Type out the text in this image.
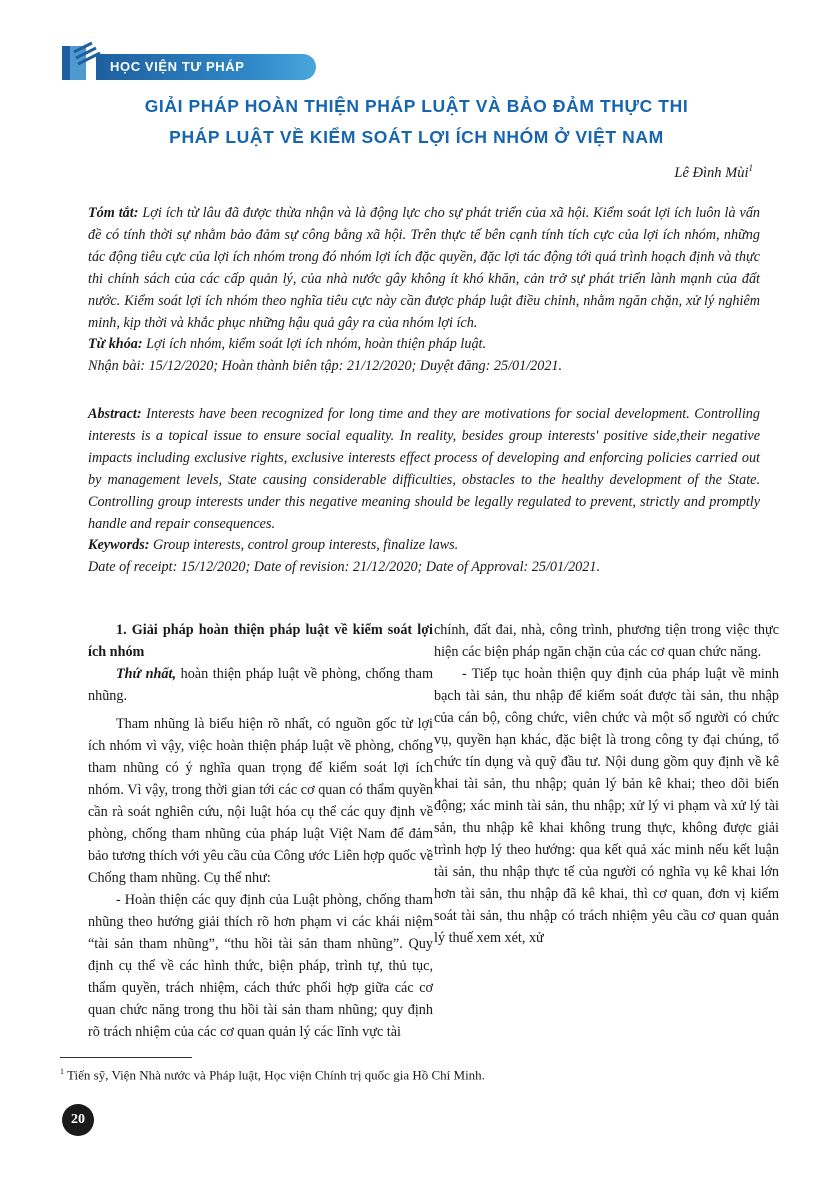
HỌC VIỆN TƯ PHÁP
GIẢI PHÁP HOÀN THIỆN PHÁP LUẬT VÀ BẢO ĐẢM THỰC THI
PHÁP LUẬT VỀ KIỂM SOÁT LỢI ÍCH NHÓM Ở VIỆT NAM
Lê Đình Mùi$^1$
Tóm tắt: Lợi ích từ lâu đã được thừa nhận và là động lực cho sự phát triển của xã hội. Kiểm soát lợi ích luôn là vấn đề có tính thời sự nhằm bảo đảm sự công bằng xã hội. Trên thực tế bên cạnh tính tích cực của lợi ích nhóm, những tác động tiêu cực của lợi ích nhóm trong đó nhóm lợi ích đặc quyền, đặc lợi tác động tới quá trình hoạch định và thực thi chính sách của các cấp quản lý, của nhà nước gây không ít khó khăn, cản trở sự phát triển lành mạnh của đất nước. Kiểm soát lợi ích nhóm theo nghĩa tiêu cực này cần được pháp luật điều chỉnh, nhằm ngăn chặn, xử lý nghiêm minh, kịp thời và khắc phục những hậu quả gây ra của nhóm lợi ích.
Từ khóa: Lợi ích nhóm, kiểm soát lợi ích nhóm, hoàn thiện pháp luật.
Nhận bài: 15/12/2020; Hoàn thành biên tập: 21/12/2020; Duyệt đăng: 25/01/2021.
Abstract: Interests have been recognized for long time and they are motivations for social development. Controlling interests is a topical issue to ensure social equality. In reality, besides group interests' positive side,their negative impacts including exclusive rights, exclusive interests effect process of developing and enforcing policies carried out by management levels, State causing considerable difficulties, obstacles to the healthy development of the State. Controlling group interests under this negative meaning should be legally regulated to prevent, strictly and promptly handle and repair consequences.
Keywords: Group interests, control group interests, finalize laws.
Date of receipt: 15/12/2020; Date of revision: 21/12/2020; Date of Approval: 25/01/2021.
1. Giải pháp hoàn thiện pháp luật về kiểm soát lợi ích nhóm

Thứ nhất, hoàn thiện pháp luật về phòng, chống tham nhũng.

Tham nhũng là biểu hiện rõ nhất, có nguồn gốc từ lợi ích nhóm vì vậy, việc hoàn thiện pháp luật về phòng, chống tham nhũng có ý nghĩa quan trọng để kiểm soát lợi ích nhóm. Vì vậy, trong thời gian tới các cơ quan có thẩm quyền cần rà soát nghiên cứu, nội luật hóa cụ thể các quy định về phòng, chống tham nhũng của pháp luật Việt Nam để đảm bảo tương thích với yêu cầu của Công ước Liên hợp quốc về Chống tham nhũng. Cụ thể như:

- Hoàn thiện các quy định của Luật phòng, chống tham nhũng theo hướng giải thích rõ hơn phạm vi các khái niệm “tài sản tham nhũng”, “thu hồi tài sản tham nhũng”. Quy định cụ thể về các hình thức, biện pháp, trình tự, thủ tục, thẩm quyền, trách nhiệm, cách thức phối hợp giữa các cơ quan chức năng trong thu hồi tài sản tham nhũng; quy định rõ trách nhiệm của các cơ quan quản lý các lĩnh vực tài

chính, đất đai, nhà, công trình, phương tiện trong việc thực hiện các biện pháp ngăn chặn của các cơ quan chức năng.

- Tiếp tục hoàn thiện quy định của pháp luật về minh bạch tài sản, thu nhập để kiểm soát được tài sản, thu nhập của cán bộ, công chức, viên chức và một số người có chức vụ, quyền hạn khác, đặc biệt là trong công ty đại chúng, tổ chức tín dụng và quỹ đầu tư. Nội dung gồm quy định về kê khai tài sản, thu nhập; quản lý bản kê khai; theo dõi biến động; xác minh tài sản, thu nhập; xử lý vi phạm và xử lý tài sản, thu nhập kê khai không trung thực, không được giải trình hợp lý theo hướng: qua kết quả xác minh nếu kết luận tài sản, thu nhập thực tế của người có nghĩa vụ kê khai lớn hơn tài sản, thu nhập đã kê khai, thì cơ quan, đơn vị kiểm soát tài sản, thu nhập có trách nhiệm yêu cầu cơ quan quản lý thuế xem xét, xử

$^1$ Tiến sỹ, Viện Nhà nước và Pháp luật, Học viện Chính trị quốc gia Hồ Chí Minh.
20
